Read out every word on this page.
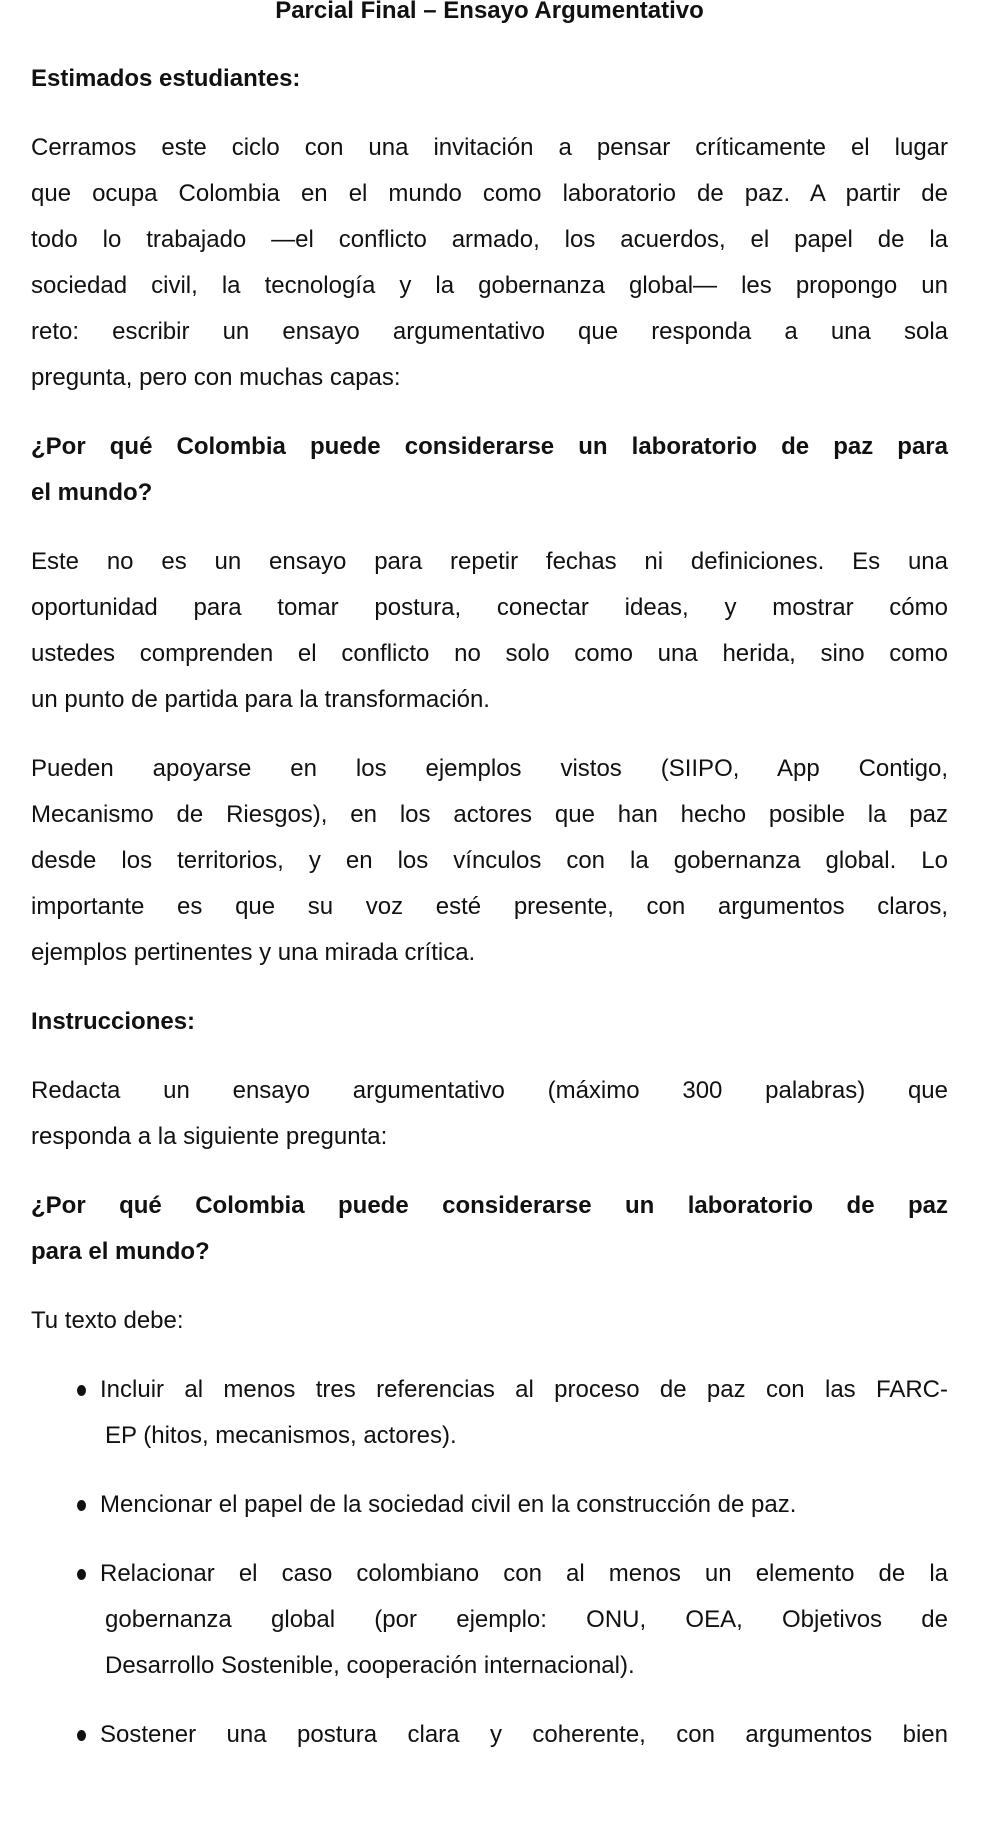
Parcial Final – Ensayo Argumentativo
Estimados estudiantes:
Cerramos este ciclo con una invitación a pensar críticamente el lugar
que ocupa Colombia en el mundo como laboratorio de paz. A partir de
todo lo trabajado —el conflicto armado, los acuerdos, el papel de la
sociedad civil, la tecnología y la gobernanza global— les propongo un
reto: escribir un ensayo argumentativo que responda a una sola
pregunta, pero con muchas capas:
¿Por qué Colombia puede considerarse un laboratorio de paz para
el mundo?
Este no es un ensayo para repetir fechas ni definiciones. Es una
oportunidad para tomar postura, conectar ideas, y mostrar cómo
ustedes comprenden el conflicto no solo como una herida, sino como
un punto de partida para la transformación.
Pueden apoyarse en los ejemplos vistos (SIIPO, App Contigo,
Mecanismo de Riesgos), en los actores que han hecho posible la paz
desde los territorios, y en los vínculos con la gobernanza global. Lo
importante es que su voz esté presente, con argumentos claros,
ejemplos pertinentes y una mirada crítica.
Instrucciones:
Redacta un ensayo argumentativo (máximo 300 palabras) que
responda a la siguiente pregunta:
¿Por qué Colombia puede considerarse un laboratorio de paz
para el mundo?
Tu texto debe:
Incluir al menos tres referencias al proceso de paz con las FARC-
EP (hitos, mecanismos, actores).
Mencionar el papel de la sociedad civil en la construcción de paz.
Relacionar el caso colombiano con al menos un elemento de la
gobernanza global (por ejemplo: ONU, OEA, Objetivos de
Desarrollo Sostenible, cooperación internacional).
Sostener una postura clara y coherente, con argumentos bien
